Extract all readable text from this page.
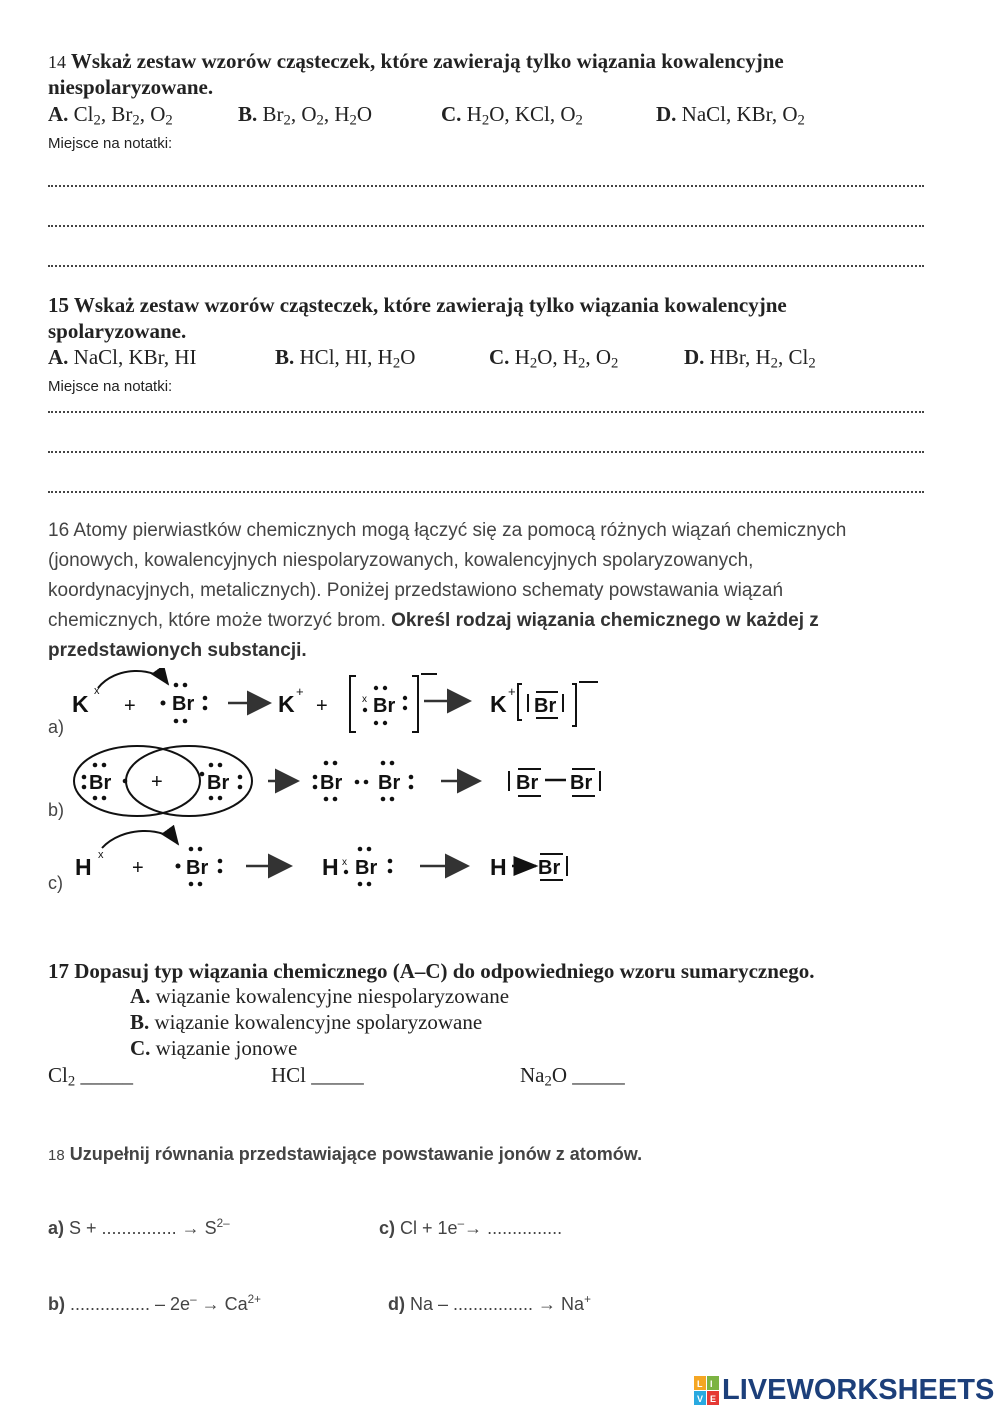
14 Wskaż zestaw wzorów cząsteczek, które zawierają tylko wiązania kowalencyjne
niespolaryzowane.
A. $Cl_2$, $Br_2$, $O_2$	B. $Br_2$, $O_2$, $H_2O$	C. $H_2O$, KCl, $O_2$	D. NaCl, KBr, $O_2$
Miejsce na notatki:
15 Wskaż zestaw wzorów cząsteczek, które zawierają tylko wiązania kowalencyjne
spolaryzowane.
A. NaCl, KBr, HI	B. HCl, HI, $H_2O$	C. $H_2O$, $H_2$, $O_2$	D. HBr, $H_2$, $Cl_2$
Miejsce na notatki:
16 Atomy pierwiastków chemicznych mogą łączyć się za pomocą różnych wiązań chemicznych
(jonowych, kowalencyjnych niespolaryzowanych, kowalencyjnych spolaryzowanych,
koordynacyjnych, metalicznych). Poniżej przedstawiono schematy powstawania wiązań
chemicznych, które może tworzyć brom. Określ rodzaj wiązania chemicznego w każdej z
przedstawionych substancji.
a)
b)
c)
K x
+ Br	K +
+ Br
x	K +
Br
Br + Br	Br Br	Br Br
H x
+ Br	H x Br	H Br
17 Dopasuj typ wiązania chemicznego (A–C) do odpowiedniego wzoru sumarycznego.
A. wiązanie kowalencyjne niespolaryzowane
B. wiązanie kowalencyjne spolaryzowane
C. wiązanie jonowe
$Cl_2$ _____	HCl _____	$Na_2O$ _____
18 Uzupełnij równania przedstawiające powstawanie jonów z atomów.
a) S + ............... → $S^{2-}$	c) Cl + 1e–→ ...............
b) ................ – $2e^- \to Ca^{2+}$	d) Na – ................ → Na+
L I
V E LIVEWORKSHEETS
